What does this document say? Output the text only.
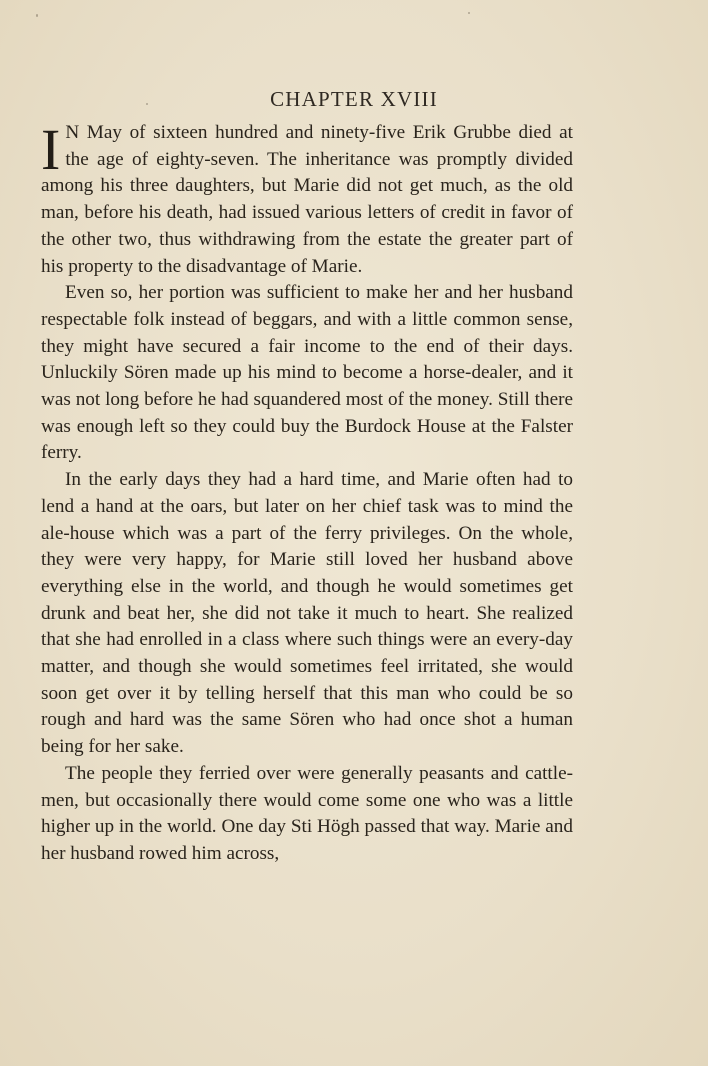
CHAPTER XVIII

I N May of sixteen hundred and ninety-five Erik Grubbe died at the age of eighty-seven. The inheritance was promptly divided among his three daughters, but Marie did not get much, as the old man, before his death, had issued various letters of credit in favor of the other two, thus withdrawing from the estate the greater part of his property to the disadvantage of Marie.

Even so, her portion was sufficient to make her and her husband respectable folk instead of beggars, and with a little common sense, they might have secured a fair income to the end of their days. Unluckily Sören made up his mind to become a horse-dealer, and it was not long before he had squandered most of the money. Still there was enough left so they could buy the Burdock House at the Falster ferry.

In the early days they had a hard time, and Marie often had to lend a hand at the oars, but later on her chief task was to mind the ale-house which was a part of the ferry privileges. On the whole, they were very happy, for Marie still loved her husband above everything else in the world, and though he would sometimes get drunk and beat her, she did not take it much to heart. She realized that she had enrolled in a class where such things were an every-day matter, and though she would sometimes feel irritated, she would soon get over it by telling herself that this man who could be so rough and hard was the same Sören who had once shot a human being for her sake.

The people they ferried over were generally peasants and cattle-men, but occasionally there would come some one who was a little higher up in the world. One day Sti Högh passed that way. Marie and her husband rowed him across,
